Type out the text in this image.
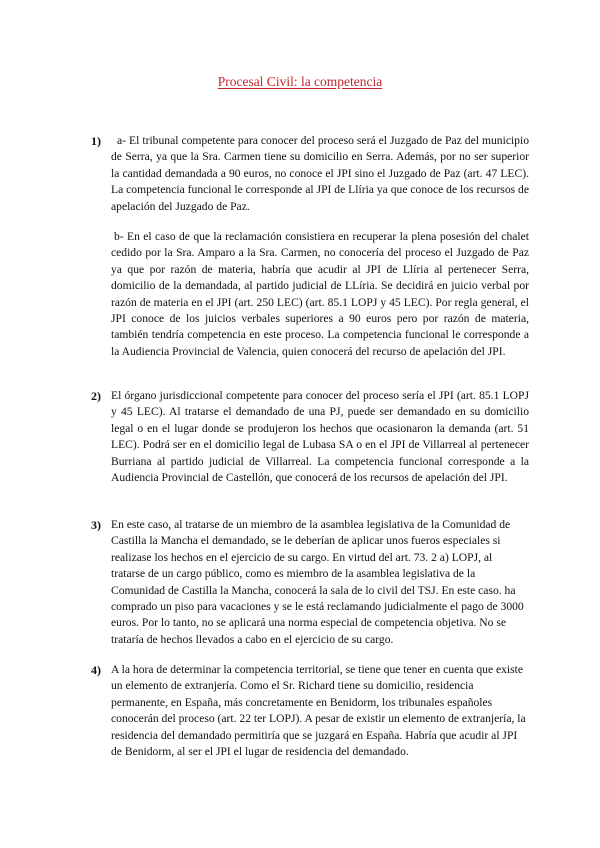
Procesal Civil: la competencia
1)	a- El tribunal competente para conocer del proceso será el Juzgado de Paz del municipio de Serra, ya que la Sra. Carmen tiene su domicilio en Serra. Además, por no ser superior la cantidad demandada a 90 euros, no conoce el JPI sino el Juzgado de Paz (art. 47 LEC). La competencia funcional le corresponde al JPI de Llíria ya que conoce de los recursos de apelación del Juzgado de Paz.

b- En el caso de que la reclamación consistiera en recuperar la plena posesión del chalet cedido por la Sra. Amparo a la Sra. Carmen, no conocería del proceso el Juzgado de Paz ya que por razón de materia, habría que acudir al JPI de Llíria al pertenecer Serra, domicilio de la demandada, al partido judicial de LLíria. Se decidirá en juicio verbal por razón de materia en el JPI (art. 250 LEC) (art. 85.1 LOPJ y 45 LEC). Por regla general, el JPI conoce de los juicios verbales superiores a 90 euros pero por razón de materia, también tendría competencia en este proceso. La competencia funcional le corresponde a la Audiencia Provincial de Valencia, quien conocerá del recurso de apelación del JPI.

2) El órgano jurisdiccional competente para conocer del proceso sería el JPI (art. 85.1 LOPJ y 45 LEC). Al tratarse el demandado de una PJ, puede ser demandado en su domicilio legal o en el lugar donde se produjeron los hechos que ocasionaron la demanda (art. 51 LEC). Podrá ser en el domicilio legal de Lubasa SA o en el JPI de Villarreal al pertenecer Burriana al partido judicial de Villarreal. La competencia funcional corresponde a la Audiencia Provincial de Castellón, que conocerá de los recursos de apelación del JPI.

3) En este caso, al tratarse de un miembro de la asamblea legislativa de la Comunidad de Castilla la Mancha el demandado, se le deberían de aplicar unos fueros especiales si realizase los hechos en el ejercicio de su cargo. En virtud del art. 73. 2 a) LOPJ, al tratarse de un cargo público, como es miembro de la asamblea legislativa de la Comunidad de Castilla la Mancha, conocerá la sala de lo civil del TSJ. En este caso. ha comprado un piso para vacaciones y se le está reclamando judicialmente el pago de 3000 euros. Por lo tanto, no se aplicará una norma especial de competencia objetiva. No se trataría de hechos llevados a cabo en el ejercicio de su cargo.

4) A la hora de determinar la competencia territorial, se tiene que tener en cuenta que existe un elemento de extranjería. Como el Sr. Richard tiene su domicilio, residencia permanente, en España, más concretamente en Benidorm, los tribunales españoles conocerán del proceso (art. 22 ter LOPJ). A pesar de existir un elemento de extranjería, la residencia del demandado permitiría que se juzgará en España. Habría que acudir al JPI de Benidorm, al ser el JPI el lugar de residencia del demandado.
